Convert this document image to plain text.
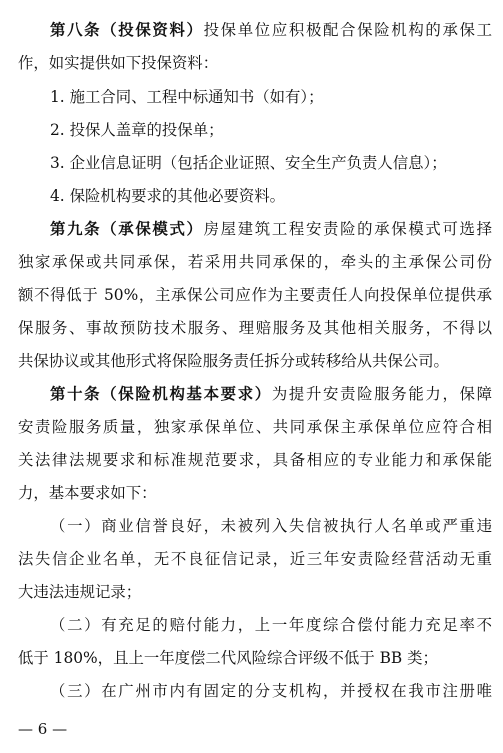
第八条（投保资料）投保单位应积极配合保险机构的承保工
作，如实提供如下投保资料：
1. 施工合同、工程中标通知书（如有）；
2. 投保人盖章的投保单；
3. 企业信息证明（包括企业证照、安全生产负责人信息）；
4. 保险机构要求的其他必要资料。
第九条（承保模式）房屋建筑工程安责险的承保模式可选择
独家承保或共同承保，若采用共同承保的，牵头的主承保公司份
额不得低于 50%，主承保公司应作为主要责任人向投保单位提供承
保服务、事故预防技术服务、理赔服务及其他相关服务，不得以
共保协议或其他形式将保险服务责任拆分或转移给从共保公司。
第十条（保险机构基本要求）为提升安责险服务能力，保障
安责险服务质量，独家承保单位、共同承保主承保单位应符合相
关法律法规要求和标准规范要求，具备相应的专业能力和承保能
力，基本要求如下：
（一）商业信誉良好，未被列入失信被执行人名单或严重违
法失信企业名单，无不良征信记录，近三年安责险经营活动无重
大违法违规记录；
（二）有充足的赔付能力，上一年度综合偿付能力充足率不
低于 180%，且上一年度偿二代风险综合评级不低于 BB 类；
（三）在广州市内有固定的分支机构，并授权在我市注册唯
— 6 —
